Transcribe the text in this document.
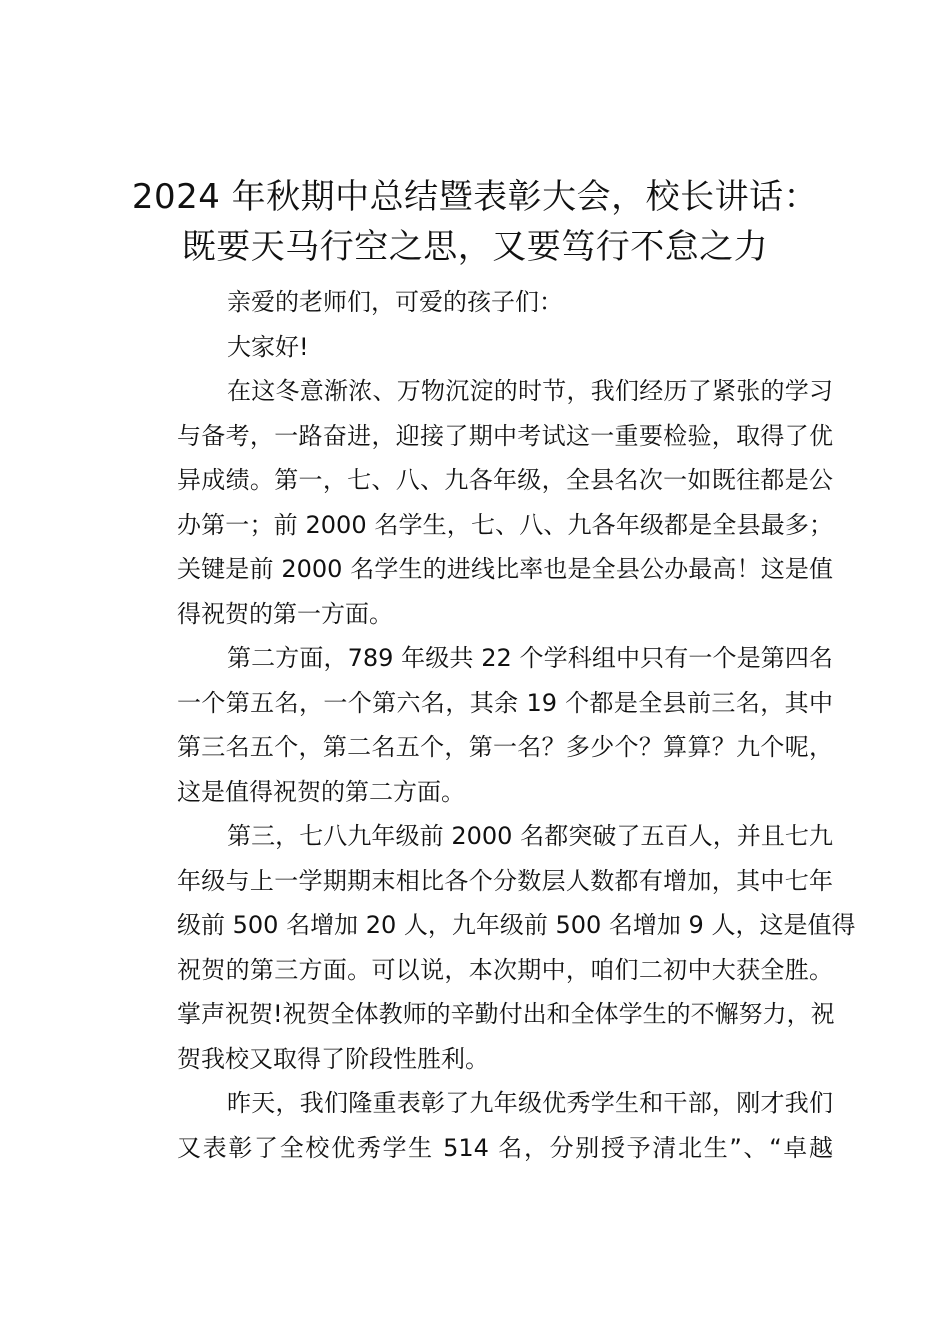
2024 年秋期中总结暨表彰大会，校长讲话：
既要天马行空之思，又要笃行不怠之力
亲爱的老师们，可爱的孩子们：
大家好!
在这冬意渐浓、万物沉淀的时节，我们经历了紧张的学习
与备考，一路奋进，迎接了期中考试这一重要检验，取得了优
异成绩。第一，七、八、九各年级，全县名次一如既往都是公
办第一；前 2000 名学生，七、八、九各年级都是全县最多；
关键是前 2000 名学生的进线比率也是全县公办最高！这是值
得祝贺的第一方面。
第二方面，789 年级共 22 个学科组中只有一个是第四名
一个第五名，一个第六名，其余 19 个都是全县前三名，其中
第三名五个，第二名五个，第一名？多少个？算算？九个呢，
这是值得祝贺的第二方面。
第三，七八九年级前 2000 名都突破了五百人，并且七九
年级与上一学期期末相比各个分数层人数都有增加，其中七年
级前 500 名增加 20 人，九年级前 500 名增加 9 人，这是值得
祝贺的第三方面。可以说，本次期中，咱们二初中大获全胜。
掌声祝贺!祝贺全体教师的辛勤付出和全体学生的不懈努力，祝
贺我校又取得了阶段性胜利。
昨天，我们隆重表彰了九年级优秀学生和干部，刚才我们
又表彰了全校优秀学生 514 名，分别授予清北生”、“卓越
